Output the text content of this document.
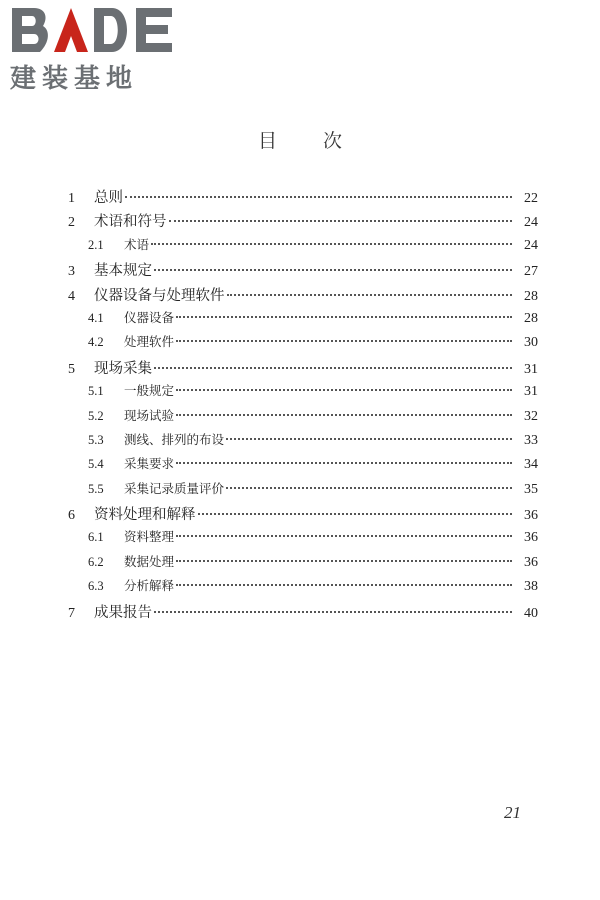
建装基地
目 次
1	总则	22
2	术语和符号	24
2.1	术语	24
3	基本规定	27
4	仪器设备与处理软件	28
4.1	仪器设备	28
4.2	处理软件	30
5	现场采集	31
5.1	一般规定	31
5.2	现场试验	32
5.3	测线、排列的布设	33
5.4	采集要求	34
5.5	采集记录质量评价	35
6	资料处理和解释	36
6.1	资料整理	36
6.2	数据处理	36
6.3	分析解释	38
7	成果报告	40
21
